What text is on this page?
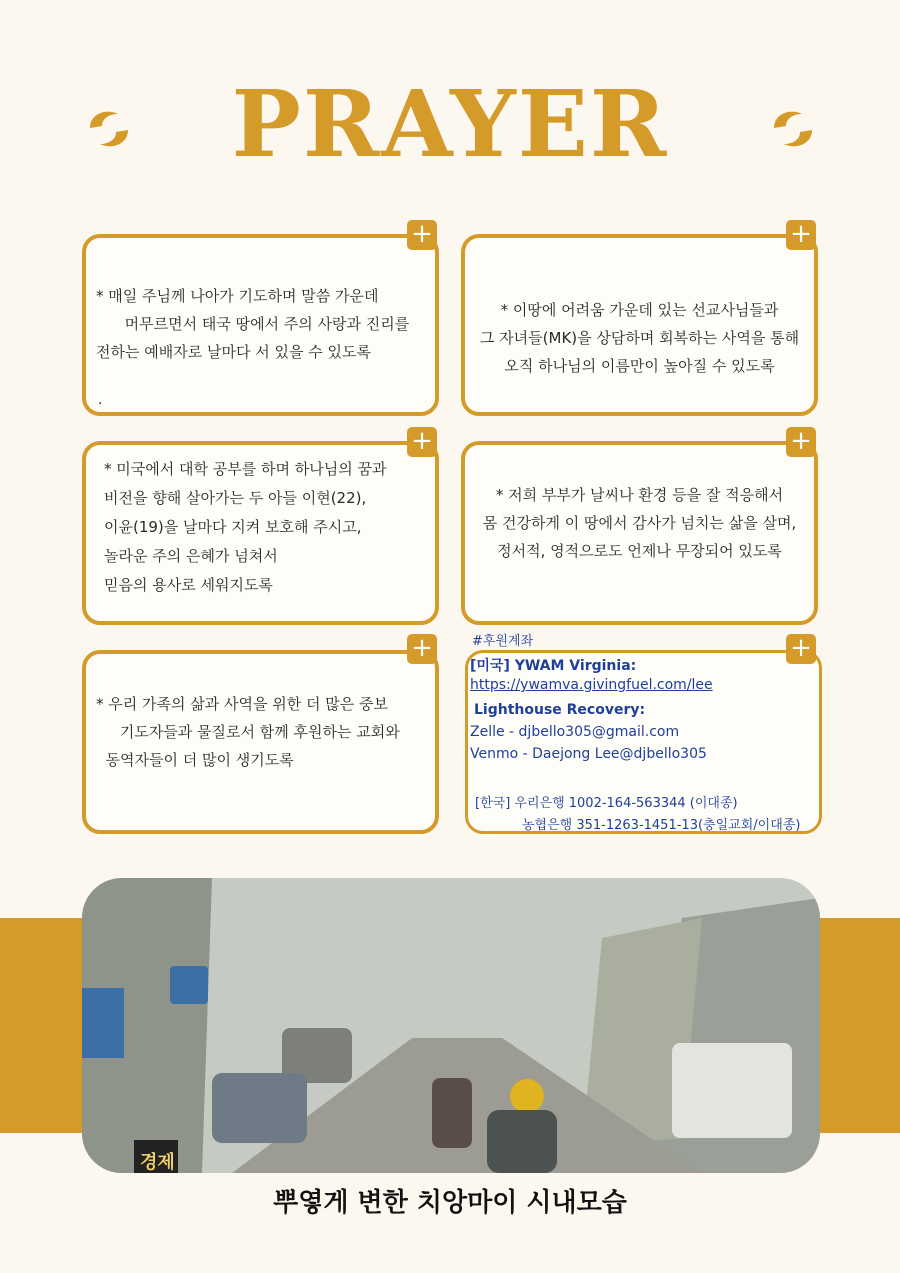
PRAYER
+
* 매일 주님께 나아가 기도하며 말씀 가운데
머무르면서 태국 땅에서 주의 사랑과 진리를
전하는 예배자로 날마다 서 있을 수 있도록
.
+
* 이땅에 어려움 가운데 있는 선교사님들과
그 자녀들(MK)을 상담하며 회복하는 사역을 통해
오직 하나님의 이름만이 높아질 수 있도록
+
* 미국에서 대학 공부를 하며 하나님의 꿈과
비전을 향해 살아가는 두 아들 이현(22),
이윤(19)을 날마다 지켜 보호해 주시고,
놀라운 주의 은혜가 넘쳐서
믿음의 용사로 세워지도록
+
* 저희 부부가 날씨나 환경 등을 잘 적응해서
몸 건강하게 이 땅에서 감사가 넘치는 삶을 살며,
정서적, 영적으로도 언제나 무장되어 있도록
+
* 우리 가족의 삶과 사역을 위한 더 많은 중보
기도자들과 물질로서 함께 후원하는 교회와
동역자들이 더 많이 생기도록
#후원계좌	+
[미국] YWAM Virginia:
https://ywamva.givingfuel.com/lee
Lighthouse Recovery:
Zelle - djbello305@gmail.com
Venmo - Daejong Lee@djbello305
[한국] 우리은행 1002-164-563344 (이대종)
농협은행 351-1263-1451-13(충일교회/이대종)
경제
뿌옇게 변한 치앙마이 시내모습
